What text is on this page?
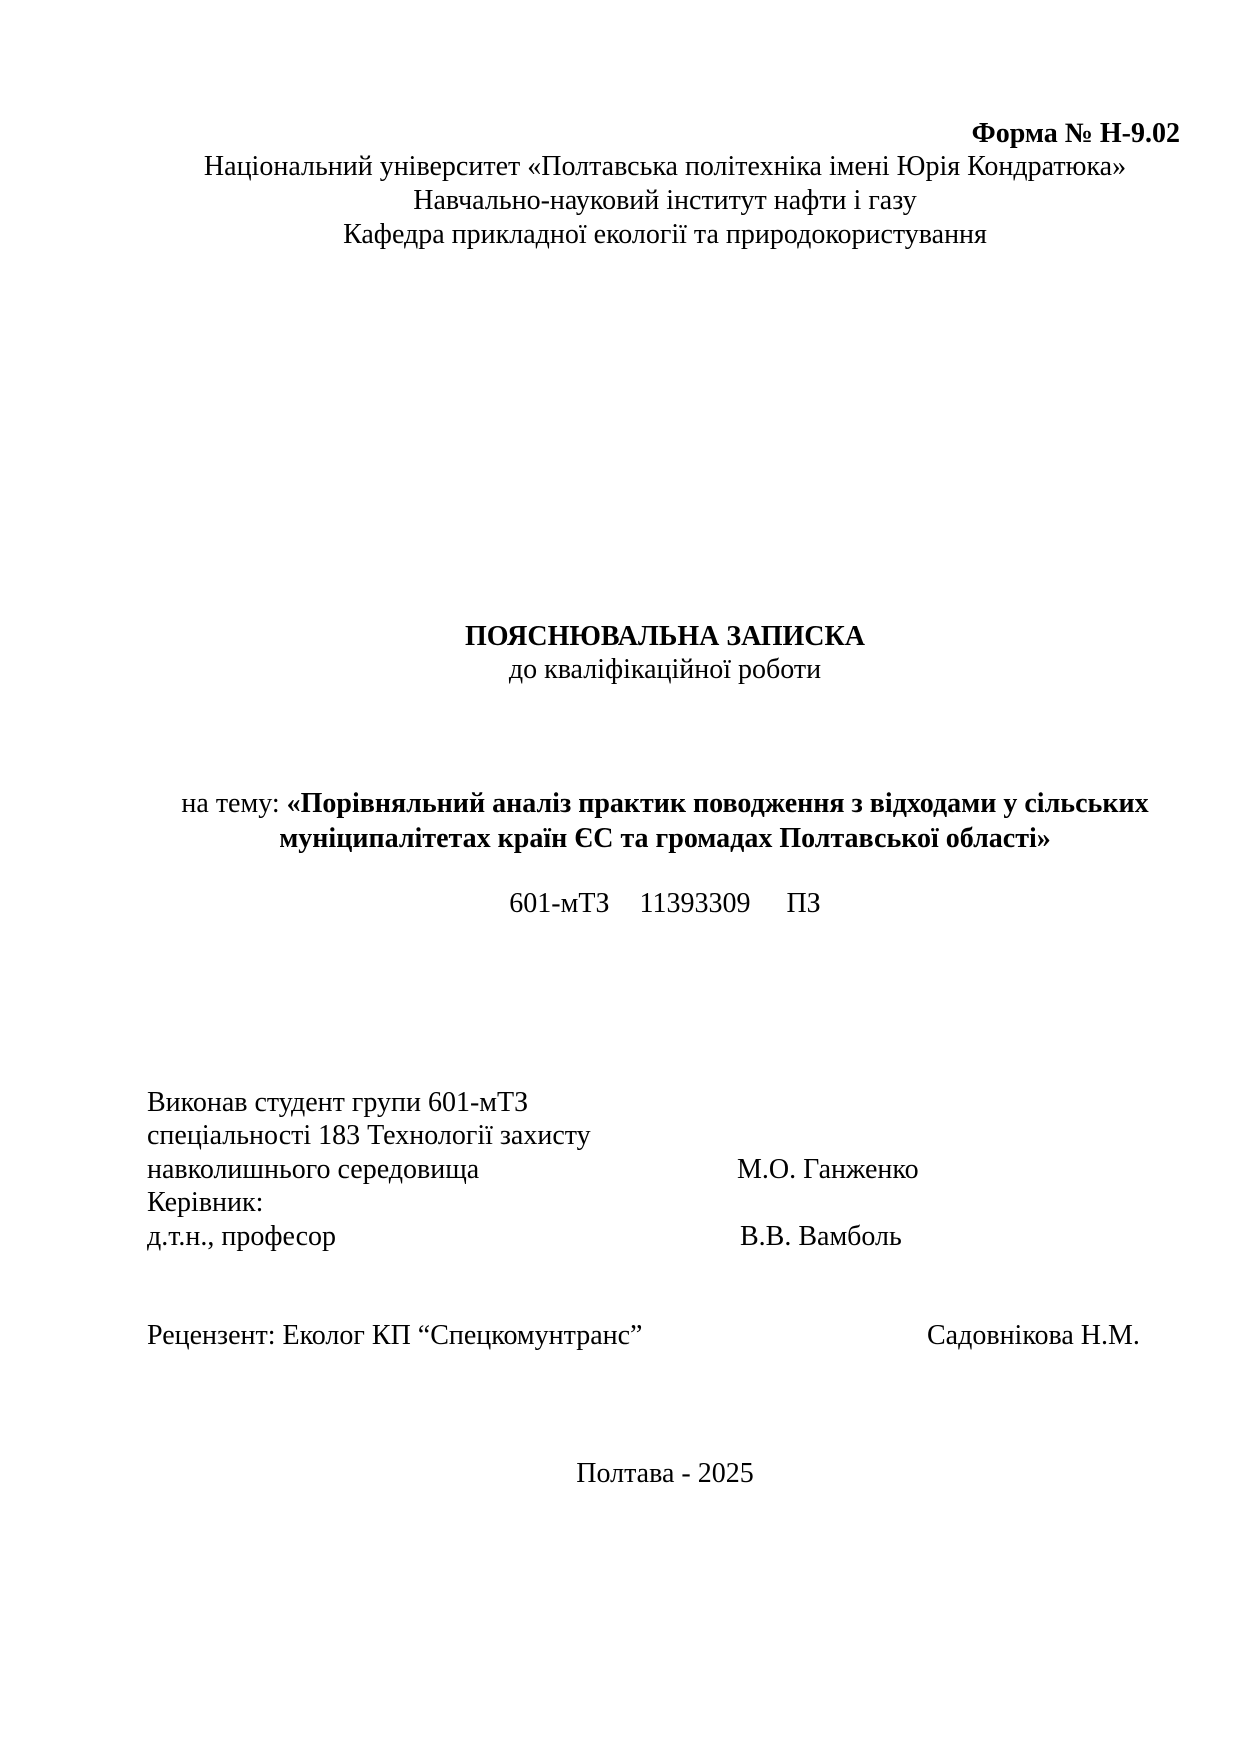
Форма № Н-9.02
Національний університет «Полтавська політехніка імені Юрія Кондратюка»
Навчально-науковий інститут нафти і газу
Кафедра прикладної екології та природокористування
ПОЯСНЮВАЛЬНА ЗАПИСКА
до кваліфікаційної роботи
на тему: «Порівняльний аналіз практик поводження з відходами у сільських
муніципалітетах країн ЄС та громадах Полтавської області»
601-мТЗ 11393309 ПЗ
Виконав студент групи 601-мТЗ
спеціальності 183 Технології захисту
навколишнього середовища	М.О. Ганженко
Керівник:
д.т.н., професор	В.В. Вамболь
Рецензент: Еколог КП “Спецкомунтранс”	Садовнікова Н.М.
Полтава - 2025
